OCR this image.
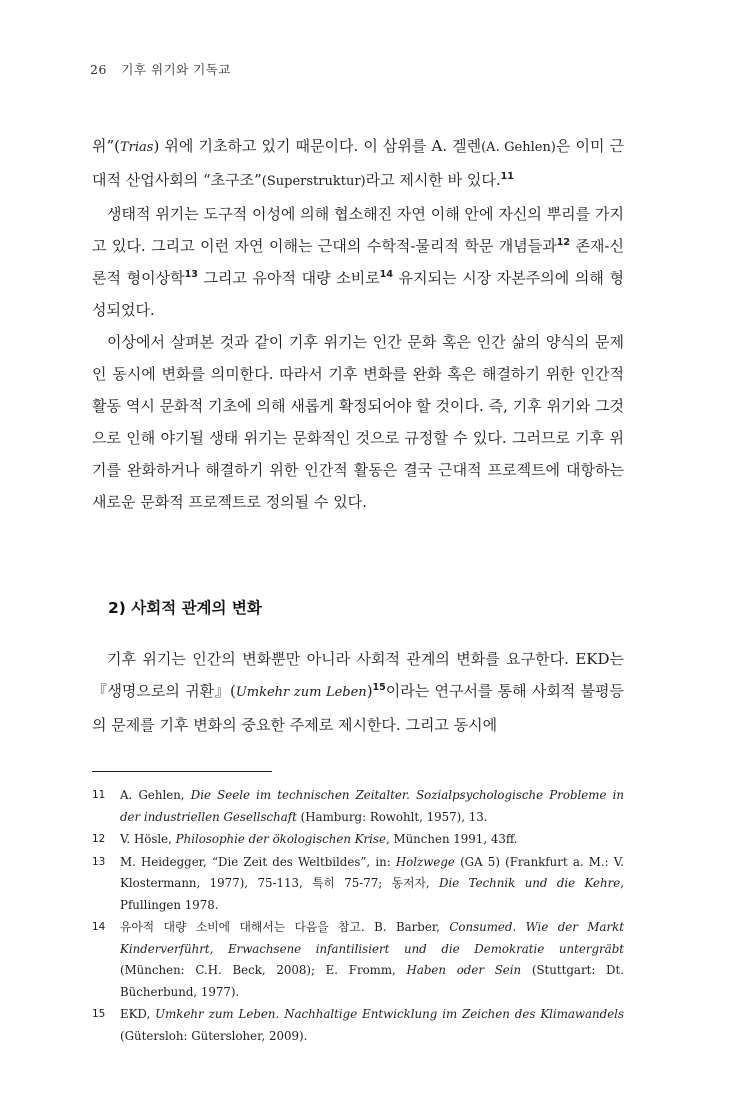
26 기후 위기와 기독교

위”(Trias) 위에 기초하고 있기 때문이다. 이 삼위를 A. 겔렌(A. Gehlen)은 이미 근대적 산업사회의 “초구조”(Superstruktur)라고 제시한 바 있다.$^{11}$

생태적 위기는 도구적 이성에 의해 협소해진 자연 이해 안에 자신의 뿌리를 가지고 있다. 그리고 이런 자연 이해는 근대의 수학적-물리적 학문 개념들과$^{12}$ 존재-신론적 형이상학$^{13}$ 그리고 유아적 대량 소비로$^{14}$ 유지되는 시장 자본주의에 의해 형성되었다.

이상에서 살펴본 것과 같이 기후 위기는 인간 문화 혹은 인간 삶의 양식의 문제인 동시에 변화를 의미한다. 따라서 기후 변화를 완화 혹은 해결하기 위한 인간적 활동 역시 문화적 기초에 의해 새롭게 확정되어야 할 것이다. 즉, 기후 위기와 그것으로 인해 야기될 생태 위기는 문화적인 것으로 규정할 수 있다. 그러므로 기후 위기를 완화하거나 해결하기 위한 인간적 활동은 결국 근대적 프로젝트에 대항하는 새로운 문화적 프로젝트로 정의될 수 있다.

2) 사회적 관계의 변화

기후 위기는 인간의 변화뿐만 아니라 사회적 관계의 변화를 요구한다. EKD는 『생명으로의 귀환』(Umkehr zum Leben)$^{15}$이라는 연구서를 통해 사회적 불평등의 문제를 기후 변화의 중요한 주제로 제시한다. 그리고 동시에

11 A. Gehlen, Die Seele im technischen Zeitalter. Sozialpsychologische Probleme in der industriellen Gesellschaft (Hamburg: Rowohlt, 1957), 13.
12 V. Hösle, Philosophie der ökologischen Krise, München 1991, 43ff.
13 M. Heidegger, “Die Zeit des Weltbildes”, in: Holzwege (GA 5) (Frankfurt a. M.: V. Klostermann, 1977), 75-113, 특히 75-77; 동저자, Die Technik und die Kehre, Pfullingen 1978.
14 유아적 대량 소비에 대해서는 다음을 참고. B. Barber, Consumed. Wie der Markt Kinderverführt, Erwachsene infantilisiert und die Demokratie untergräbt (München: C.H. Beck, 2008); E. Fromm, Haben oder Sein (Stuttgart: Dt. Bücherbund, 1977).
15 EKD, Umkehr zum Leben. Nachhaltige Entwicklung im Zeichen des Klimawandels (Gütersloh: Gütersloher, 2009).
